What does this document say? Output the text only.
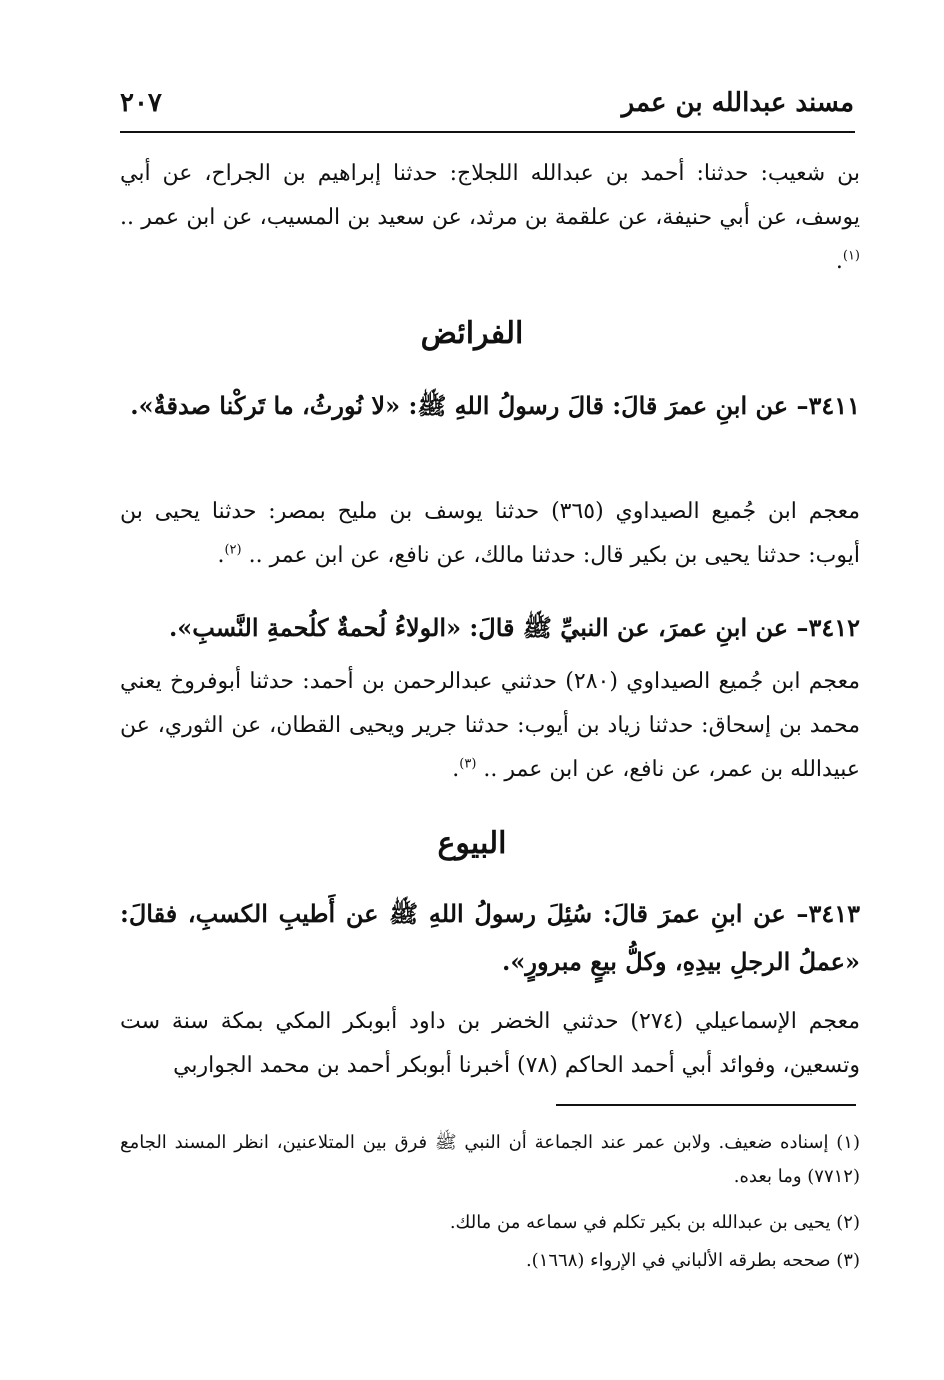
مسند عبدالله بن عمر
٢٠٧
بن شعيب: حدثنا: أحمد بن عبدالله اللجلاج: حدثنا إبراهيم بن الجراح، عن أبي يوسف، عن أبي حنيفة، عن علقمة بن مرثد، عن سعيد بن المسيب، عن ابن عمر .. $^{(١)}$.
الفرائض
٣٤١١– عن ابنِ عمرَ قالَ: قالَ رسولُ اللهِ ﷺ: «لا نُورثُ، ما تَركْنا صدقةٌ».
معجم ابن جُميع الصيداوي (٣٦٥) حدثنا يوسف بن مليح بمصر: حدثنا يحيى بن أيوب: حدثنا يحيى بن بكير قال: حدثنا مالك، عن نافع، عن ابن عمر .. $^{(٢)}$.
٣٤١٢– عن ابنِ عمرَ، عن النبيِّ ﷺ قالَ: «الولاءُ لُحمةٌ كلُحمةِ النَّسبِ».
معجم ابن جُميع الصيداوي (٢٨٠) حدثني عبدالرحمن بن أحمد: حدثنا أبوفروخ يعني محمد بن إسحاق: حدثنا زياد بن أيوب: حدثنا جرير ويحيى القطان، عن الثوري، عن عبيدالله بن عمر، عن نافع، عن ابن عمر .. $^{(٣)}$.
البيوع
٣٤١٣– عن ابنِ عمرَ قالَ: سُئِلَ رسولُ اللهِ ﷺ عن أَطيبِ الكسبِ، فقالَ: «عملُ الرجلِ بيدِهِ، وكلُّ بيعٍ مبرورٍ».
معجم الإسماعيلي (٢٧٤) حدثني الخضر بن داود أبوبكر المكي بمكة سنة ست وتسعين، وفوائد أبي أحمد الحاكم (٧٨) أخبرنا أبوبكر أحمد بن محمد الجواربي
(١) إسناده ضعيف. ولابن عمر عند الجماعة أن النبي ﷺ فرق بين المتلاعنين، انظر المسند الجامع (٧٧١٢) وما بعده.
(٢) يحيى بن عبدالله بن بكير تكلم في سماعه من مالك.
(٣) صححه بطرقه الألباني في الإرواء (١٦٦٨).
